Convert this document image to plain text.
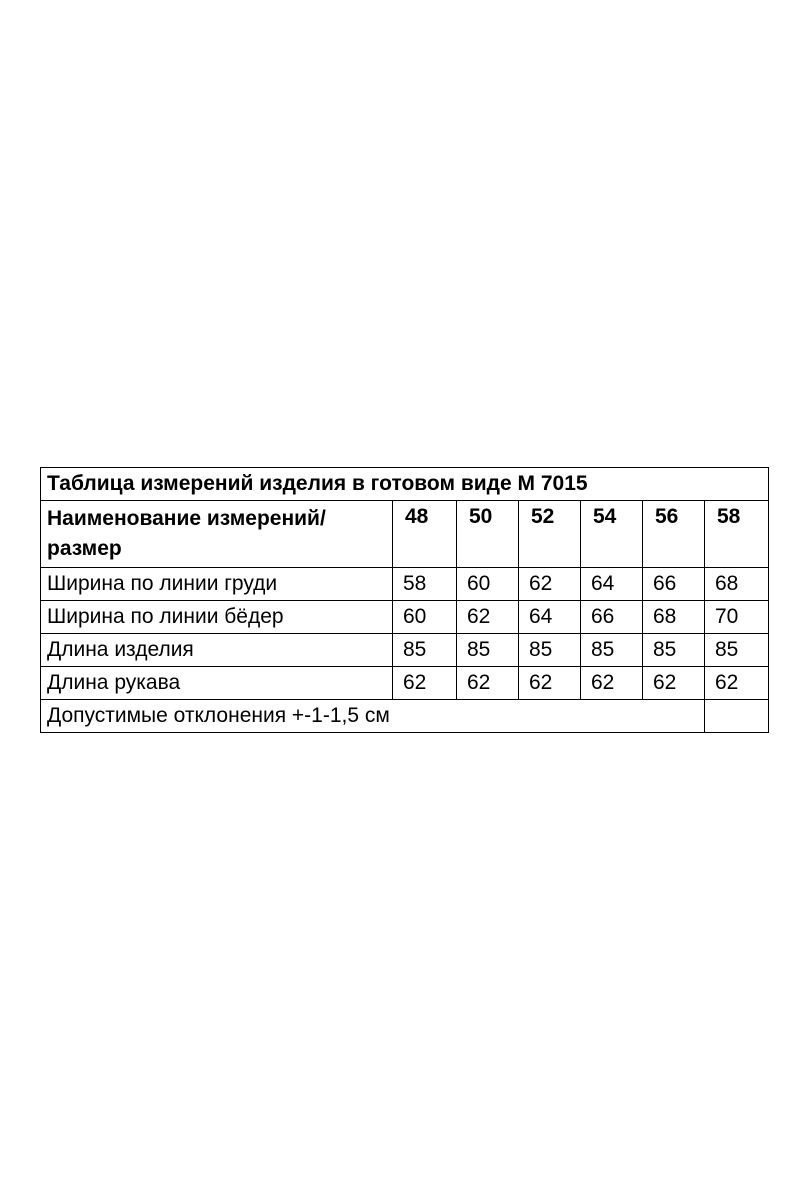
Таблица измерений изделия в готовом виде М 7015						
Наименование измерений/размер	48	50	52	54	56	58
Ширина по линии груди	58	60	62	64	66	68
Ширина по линии бёдер	60	62	64	66	68	70
Длина изделия	85	85	85	85	85	85
Длина рукава	62	62	62	62	62	62
Допустимые отклонения +-1-1,5 см						
